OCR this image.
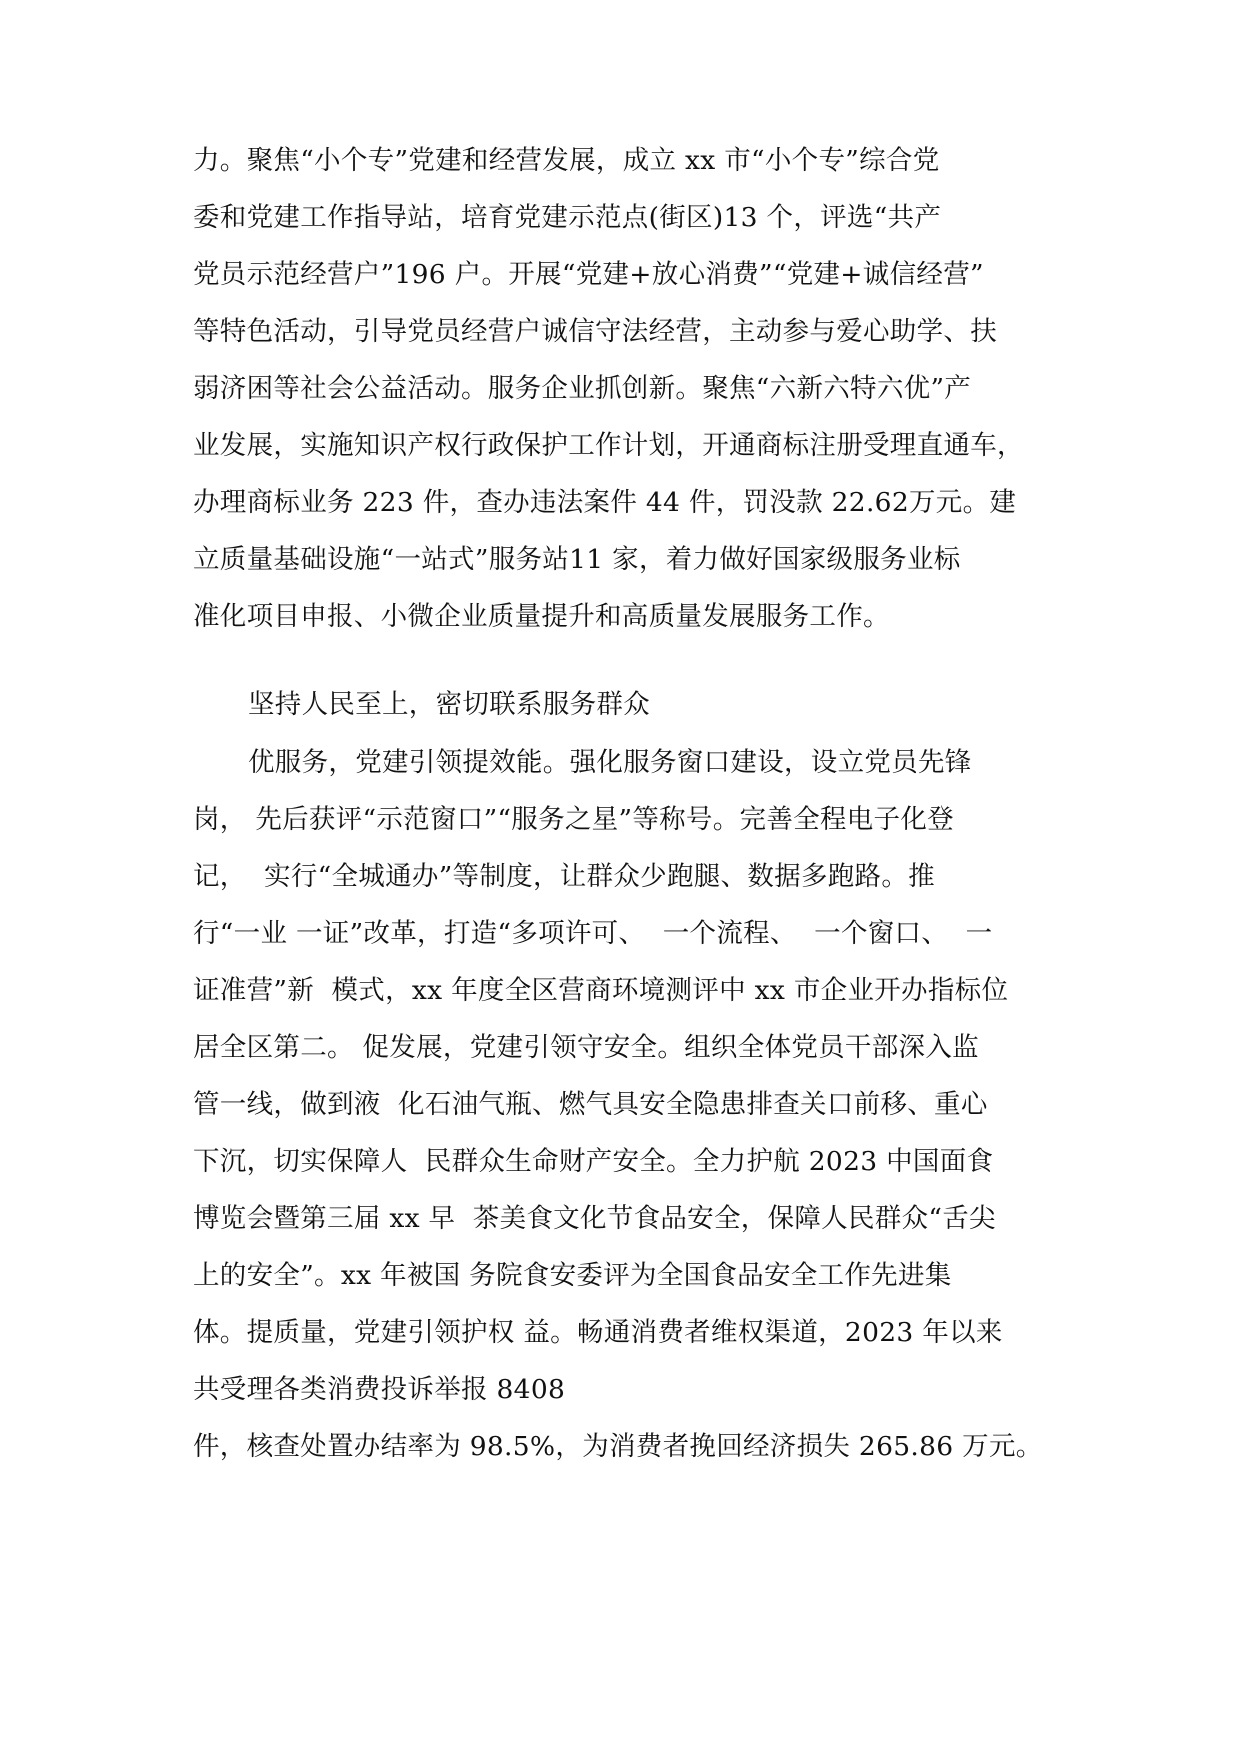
力。聚焦“小个专”党建和经营发展，成立 xx 市“小个专”综合党
委和党建工作指导站，培育党建示范点(街区)13 个，评选“共产
党员示范经营户”196 户。开展“党建+放心消费”“党建+诚信经营”
等特色活动，引导党员经营户诚信守法经营，主动参与爱心助学、扶
弱济困等社会公益活动。服务企业抓创新。聚焦“六新六特六优”产
业发展，实施知识产权行政保护工作计划，开通商标注册受理直通车，
办理商标业务 223 件，查办违法案件 44 件，罚没款 22.62万元。建
立质量基础设施“一站式”服务站11 家，着力做好国家级服务业标
准化项目申报、小微企业质量提升和高质量发展服务工作。
坚持人民至上，密切联系服务群众
优服务，党建引领提效能。强化服务窗口建设，设立党员先锋
岗， 先后获评“示范窗口”“服务之星”等称号。完善全程电子化登
记，  实行“全城通办”等制度，让群众少跑腿、数据多跑路。推
行“一业 一证”改革，打造“多项许可、  一个流程、  一个窗口、  一
证准营”新  模式，xx 年度全区营商环境测评中 xx 市企业开办指标位
居全区第二。 促发展，党建引领守安全。组织全体党员干部深入监
管一线，做到液  化石油气瓶、燃气具安全隐患排查关口前移、重心
下沉，切实保障人  民群众生命财产安全。全力护航 2023 中国面食
博览会暨第三届 xx 早  茶美食文化节食品安全，保障人民群众“舌尖
上的安全”。xx 年被国 务院食安委评为全国食品安全工作先进集
体。提质量，党建引领护权 益。畅通消费者维权渠道，2023 年以来
共受理各类消费投诉举报 8408
件，核查处置办结率为 98.5%，为消费者挽回经济损失 265.86 万元。
